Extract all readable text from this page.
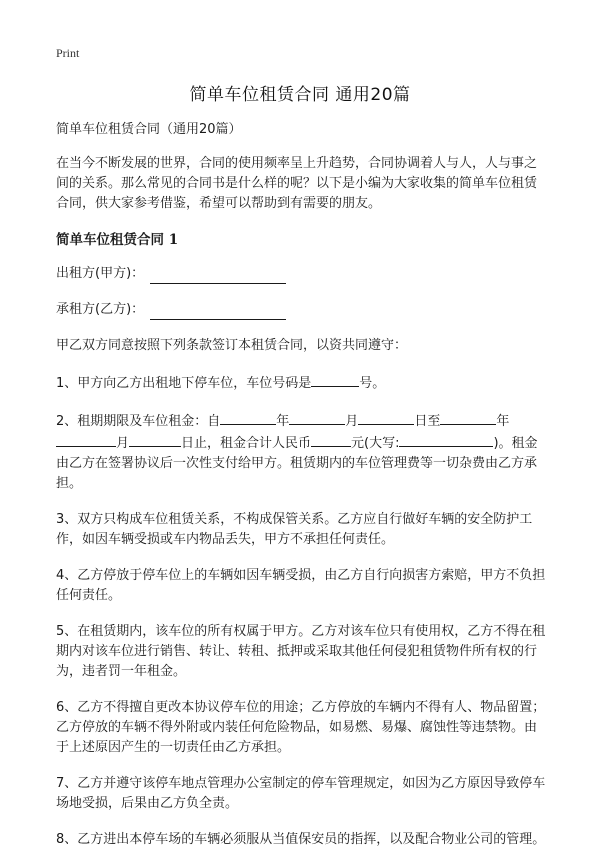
Print
简单车位租赁合同 通用20篇

简单车位租赁合同（通用20篇）

在当今不断发展的世界，合同的使用频率呈上升趋势，合同协调着人与人，人与事之间的关系。那么常见的合同书是什么样的呢？以下是小编为大家收集的简单车位租赁合同，供大家参考借鉴，希望可以帮助到有需要的朋友。

简单车位租赁合同 1

出租方(甲方)：
承租方(乙方)：

甲乙双方同意按照下列条款签订本租赁合同，以资共同遵守：

1、甲方向乙方出租地下停车位，车位号码是	号。

2、租期期限及车位租金：自	年	月	日至	年月	日止，租金合计人民币	元(大写:	)。租金由乙方在签署协议后一次性支付给甲方。租赁期内的车位管理费等一切杂费由乙方承担。

3、双方只构成车位租赁关系，不构成保管关系。乙方应自行做好车辆的安全防护工作，如因车辆受损或车内物品丢失，甲方不承担任何责任。

4、乙方停放于停车位上的车辆如因车辆受损，由乙方自行向损害方索赔，甲方不负担任何责任。

5、在租赁期内，该车位的所有权属于甲方。乙方对该车位只有使用权，乙方不得在租期内对该车位进行销售、转让、转租、抵押或采取其他任何侵犯租赁物件所有权的行为，违者罚一年租金。

6、乙方不得擅自更改本协议停车位的用途；乙方停放的车辆内不得有人、物品留置；乙方停放的车辆不得外附或内装任何危险物品，如易燃、易爆、腐蚀性等违禁物。由于上述原因产生的一切责任由乙方承担。

7、乙方并遵守该停车地点管理办公室制定的停车管理规定，如因为乙方原因导致停车场地受损，后果由乙方负全责。

8、乙方进出本停车场的车辆必须服从当值保安员的指挥，以及配合物业公司的管理。
